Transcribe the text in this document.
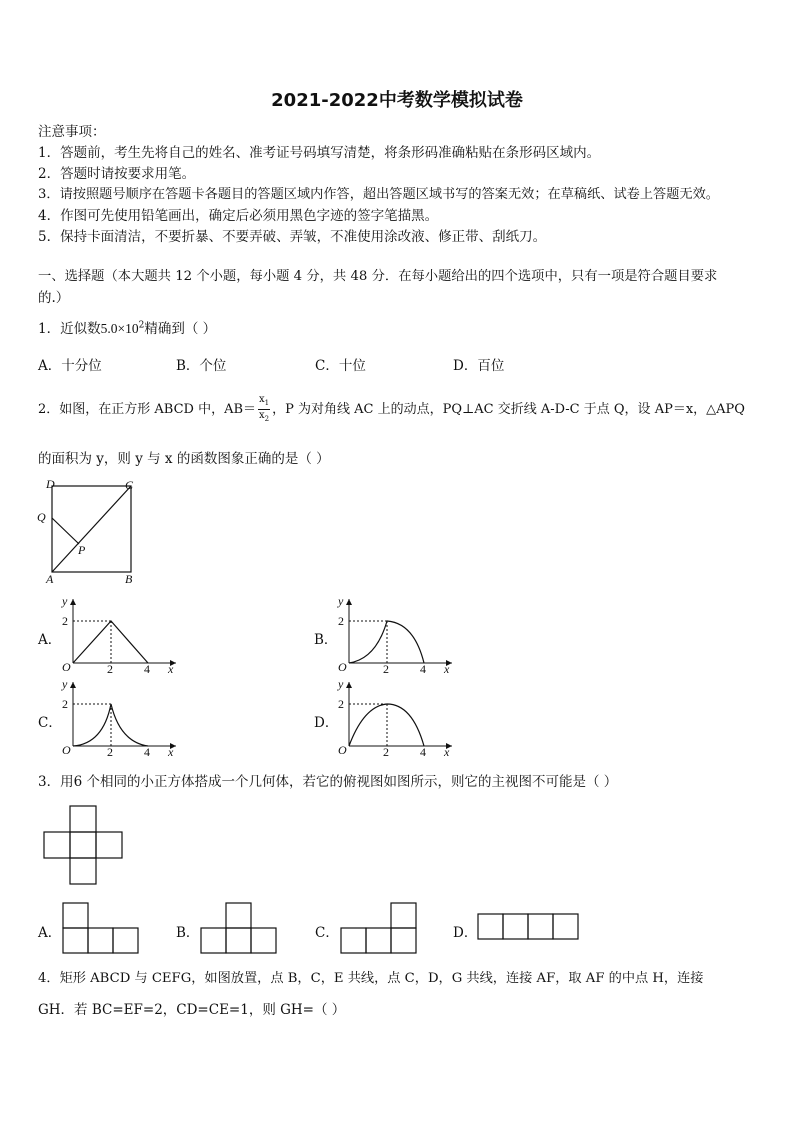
2021-2022中考数学模拟试卷
注意事项：
1．答题前，考生先将自己的姓名、准考证号码填写清楚，将条形码准确粘贴在条形码区域内。
2．答题时请按要求用笔。
3．请按照题号顺序在答题卡各题目的答题区域内作答，超出答题区域书写的答案无效；在草稿纸、试卷上答题无效。
4．作图可先使用铅笔画出，确定后必须用黑色字迹的签字笔描黑。
5．保持卡面清洁，不要折暴、不要弄破、弄皱，不准使用涂改液、修正带、刮纸刀。
一、选择题（本大题共 12 个小题，每小题 4 分，共 48 分．在每小题给出的四个选项中，只有一项是符合题目要求
的.）
1．近似数$5.0\times 10^2$精确到（ ）
A．十分位	B．个位	C．十位	D．百位
2．如图，在正方形 ABCD 中，$AB= \frac{x_1}{x_2}$ ，P 为对角线 AC 上的动点，PQ⊥AC 交折线 A-D-C 于点 Q，设 AP＝x，△APQ
的面积为 y，则 y 与 x 的函数图象正确的是（ ）
D	C
Q
P
A	B
A．	B．
C．	D．
y
2
O	2	4 x
y
2
O	2	4 x
y
2
O	2	4 x
y
2
O	2	4 x
3．用6 个相同的小正方体搭成一个几何体，若它的俯视图如图所示，则它的主视图不可能是（ ）
A．	B．	C．	D．
4．矩形 ABCD 与 CEFG，如图放置，点 B，C，E 共线，点 C，D，G 共线，连接 AF，取 AF 的中点 H，连接
GH．若 BC=EF=2，CD=CE=1，则 GH=（ ）
